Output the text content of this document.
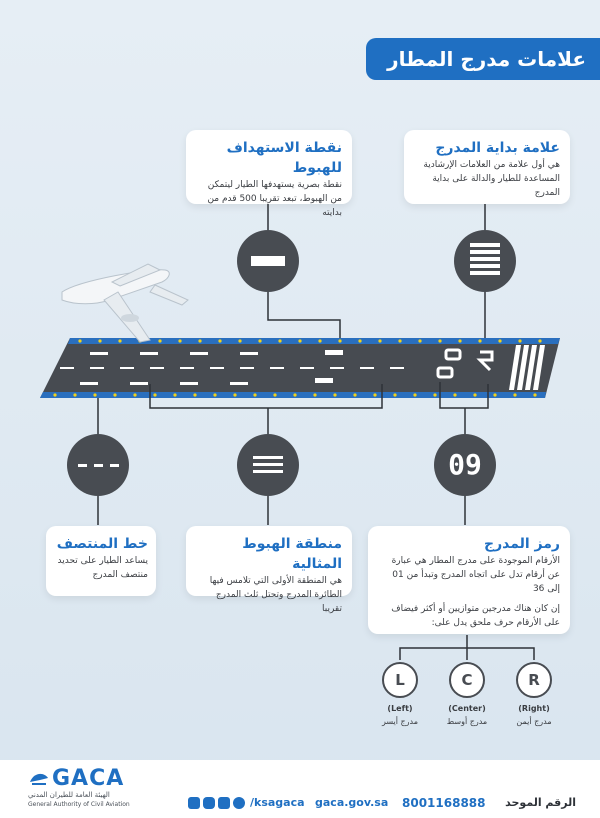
علامات مدرج المطار
علامة بداية المدرج
هي أول علامة من العلامات الإرشادية المساعدة للطيار والدالة على بداية المدرج
نقطة الاستهداف للهبوط
نقطة بصرية يستهدفها الطيار ليتمكن من الهبوط، تبعد تقريبا 500 قدم من بدايته
09
خط المنتصف
يساعد الطيار على تحديد منتصف المدرج
منطقة الهبوط المثالية
هي المنطقة الأولى التي تلامس فيها الطائرة المدرج وتحتل ثلث المدرج تقريبا
رمز المدرج
الأرقام الموجودة على مدرج المطار هي عبارة عن أرقام تدل على اتجاه المدرج وتبدأ من 01 إلى 36
إن كان هناك مدرجين متوازيين أو أكثر فيضاف على الأرقام حرف ملحق يدل على:
L	C	R
(Left)
مدرج أيسر
(Center)
مدرج أوسط
(Right)
مدرج أيمن
GACA
الهيئة العامة للطيران المدني
General Authority of Civil Aviation	/ksagaca gaca.gov.sa 8001168888	الرقم الموحد
